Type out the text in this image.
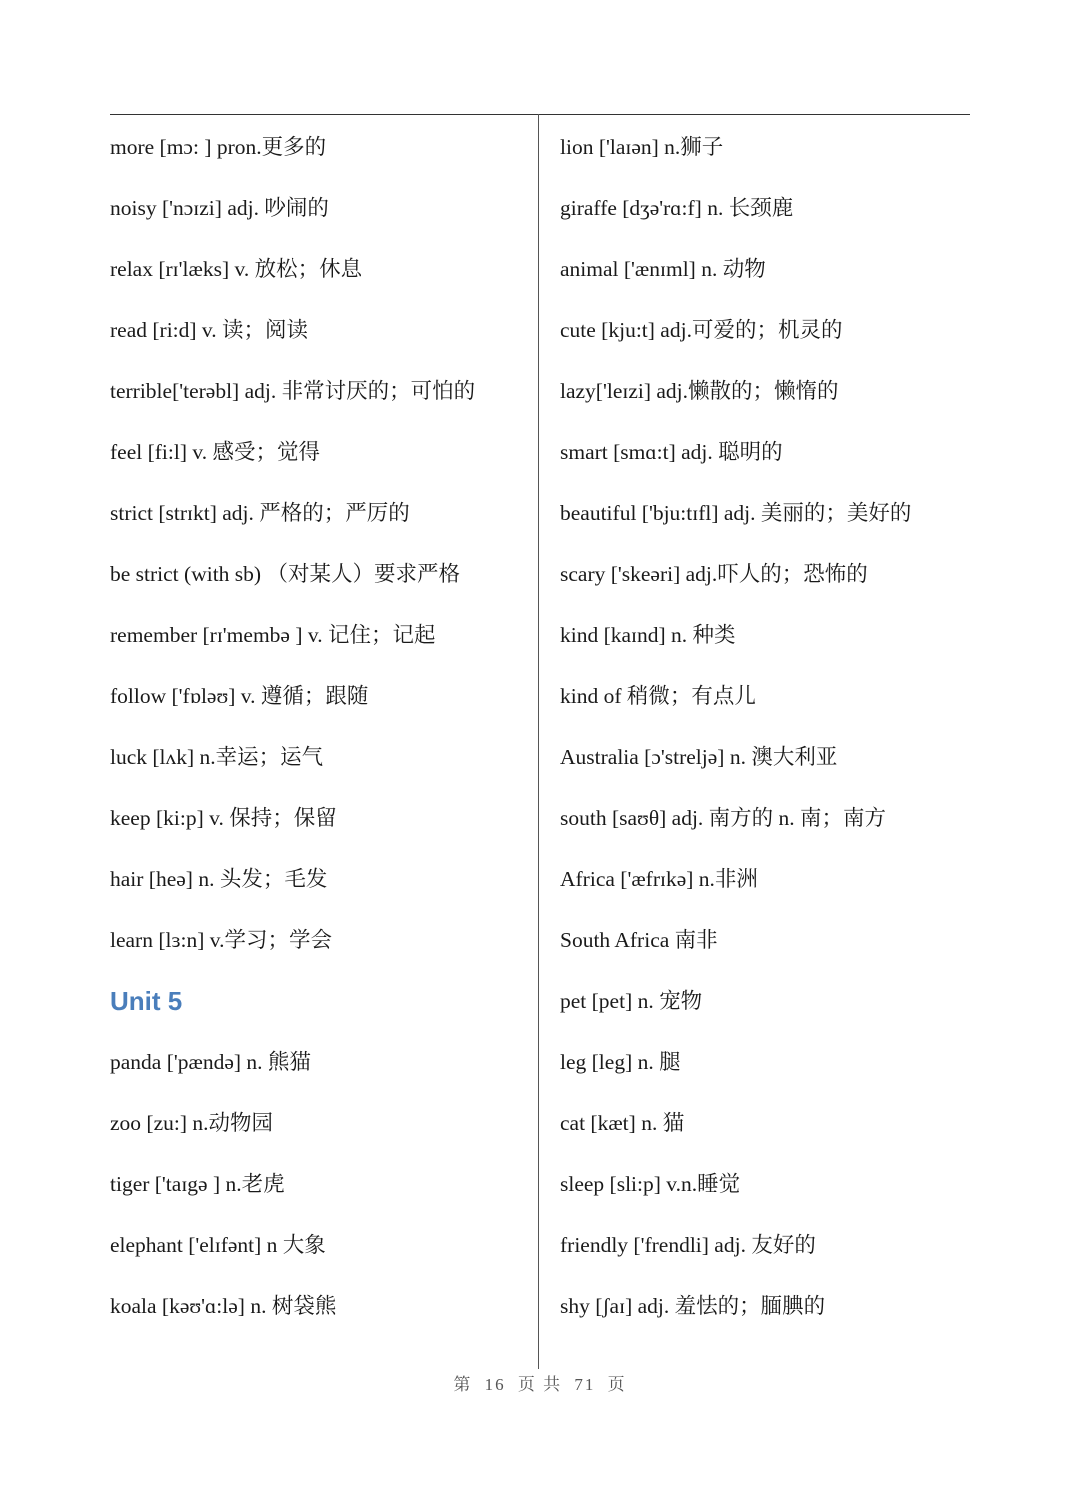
more [mɔ: ] pron.更多的
noisy ['nɔɪzi] adj. 吵闹的
relax [rɪ'læks] v. 放松；休息
read [ri:d] v. 读；阅读
terrible['terəbl] adj. 非常讨厌的；可怕的
feel [fi:l] v. 感受；觉得
strict [strɪkt] adj. 严格的；严厉的
be strict (with sb) （对某人）要求严格
remember [rɪ'membə ] v. 记住；记起
follow ['fɒləʊ] v. 遵循；跟随
luck [lʌk] n.幸运；运气
keep [ki:p] v. 保持；保留
hair [heə] n. 头发；毛发
learn [lɜ:n] v.学习；学会
Unit 5
panda ['pændə] n. 熊猫
zoo [zu:] n.动物园
tiger ['taɪgə ] n.老虎
elephant ['elɪfənt] n 大象
koala [kəʊ'ɑ:lə] n. 树袋熊
lion ['laɪən] n.狮子
giraffe [dʒə'rɑ:f] n. 长颈鹿
animal ['ænɪml] n. 动物
cute [kju:t] adj.可爱的；机灵的
lazy['leɪzi] adj.懒散的；懒惰的
smart [smɑ:t] adj. 聪明的
beautiful ['bju:tɪfl] adj. 美丽的；美好的
scary ['skeəri] adj.吓人的；恐怖的
kind [kaɪnd] n. 种类
kind of 稍微；有点儿
Australia [ɔ'streljə] n. 澳大利亚
south [saʊθ] adj. 南方的 n. 南；南方
Africa ['æfrɪkə] n.非洲
South Africa 南非
pet [pet] n. 宠物
leg [leg] n. 腿
cat [kæt] n. 猫
sleep [sli:p] v.n.睡觉
friendly ['frendli] adj. 友好的
shy [ʃaɪ] adj. 羞怯的；腼腆的
第 16 页 共 71 页
